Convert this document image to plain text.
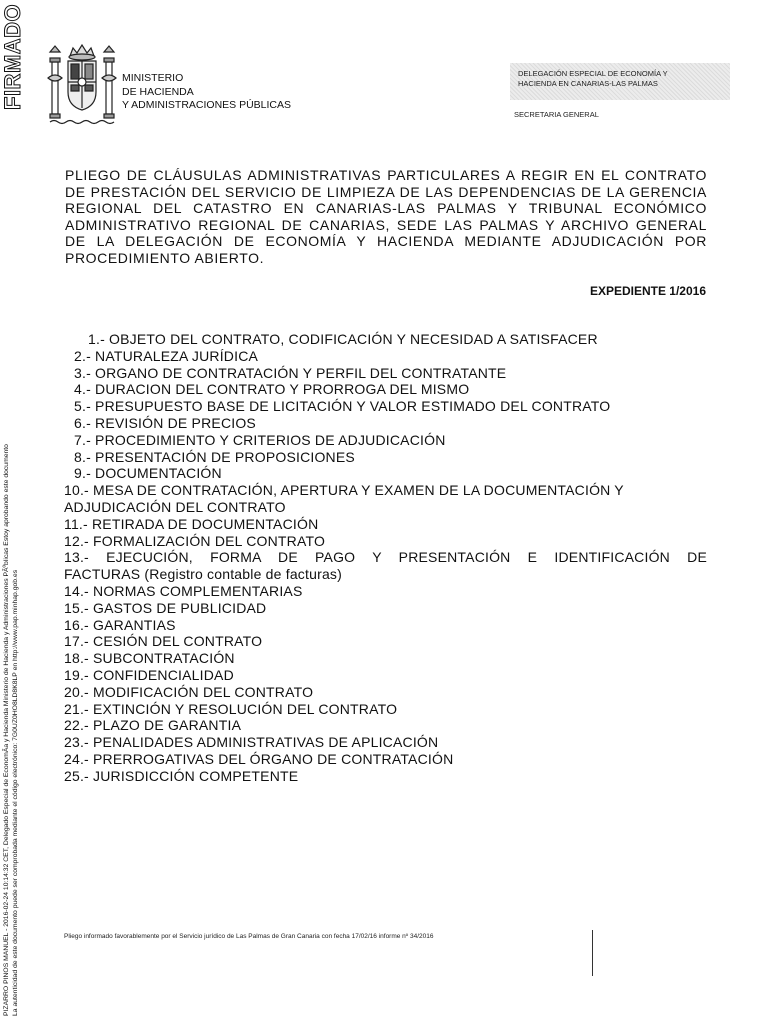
FIRMADO
PIZARRO PINOS MANUEL - 2016-02-24 10:14:32 CET, Delegado Especial de EconomÃa y Hacienda Ministerio de Hacienda y Administraciones PÃºblicas Estoy aprobando este documento La autenticidad de este documento puede ser comprobada mediante el código electrónico: 7G0UZ0HO8LD8K8LP en http://www.pap.minhap.gob.es
MINISTERIO
DE HACIENDA
Y ADMINISTRACIONES PÚBLICAS
DELEGACIÓN ESPECIAL DE ECONOMÍA Y
HACIENDA EN CANARIAS-LAS PALMAS
SECRETARIA GENERAL
PLIEGO DE CLÁUSULAS ADMINISTRATIVAS PARTICULARES A REGIR EN EL CONTRATO DE PRESTACIÓN DEL SERVICIO DE LIMPIEZA DE LAS DEPENDENCIAS DE LA GERENCIA REGIONAL DEL CATASTRO EN CANARIAS-LAS PALMAS Y TRIBUNAL ECONÓMICO ADMINISTRATIVO REGIONAL DE CANARIAS, SEDE LAS PALMAS Y ARCHIVO GENERAL DE LA DELEGACIÓN DE ECONOMÍA Y HACIENDA MEDIANTE ADJUDICACIÓN POR PROCEDIMIENTO ABIERTO.
EXPEDIENTE 1/2016
1.- OBJETO DEL CONTRATO, CODIFICACIÓN Y NECESIDAD A SATISFACER
2.- NATURALEZA JURÍDICA
3.- ORGANO DE CONTRATACIÓN Y PERFIL DEL CONTRATANTE
4.- DURACION DEL CONTRATO Y PRORROGA DEL MISMO
5.- PRESUPUESTO BASE DE LICITACIÓN Y VALOR ESTIMADO DEL CONTRATO
6.- REVISIÓN DE PRECIOS
7.- PROCEDIMIENTO Y CRITERIOS DE ADJUDICACIÓN
8.- PRESENTACIÓN DE PROPOSICIONES
9.- DOCUMENTACIÓN
10.- MESA DE CONTRATACIÓN, APERTURA Y EXAMEN DE LA DOCUMENTACIÓN Y
ADJUDICACIÓN DEL CONTRATO
11.- RETIRADA DE DOCUMENTACIÓN
12.- FORMALIZACIÓN DEL CONTRATO
13.- EJECUCIÓN, FORMA DE PAGO Y PRESENTACIÓN E IDENTIFICACIÓN DE
FACTURAS (Registro contable de facturas)
14.- NORMAS COMPLEMENTARIAS
15.- GASTOS DE PUBLICIDAD
16.- GARANTIAS
17.- CESIÓN DEL CONTRATO
18.- SUBCONTRATACIÓN
19.- CONFIDENCIALIDAD
20.- MODIFICACIÓN DEL CONTRATO
21.- EXTINCIÓN Y RESOLUCIÓN DEL CONTRATO
22.- PLAZO DE GARANTIA
23.- PENALIDADES ADMINISTRATIVAS DE APLICACIÓN
24.- PRERROGATIVAS DEL ÓRGANO DE CONTRATACIÓN
25.- JURISDICCIÓN COMPETENTE
Pliego informado favorablemente por el Servicio jurídico de Las Palmas de Gran Canaria con fecha 17/02/16 informe nº 34/2016
